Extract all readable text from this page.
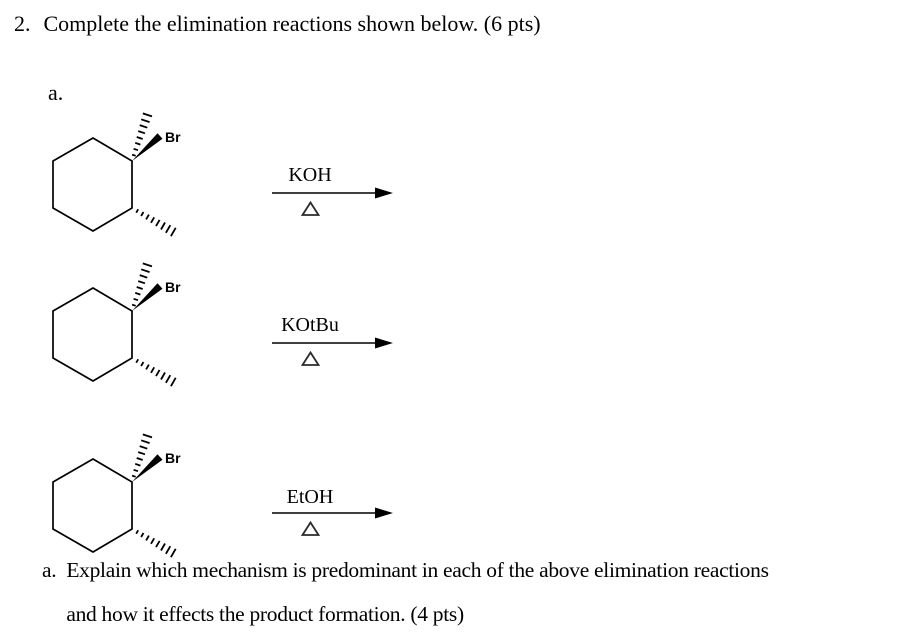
2. Complete the elimination reactions shown below. (6 pts)
a.
Br
KOH
Br
KOtBu
Br
EtOH
a. Explain which mechanism is predominant in each of the above elimination reactions
and how it effects the product formation. (4 pts)
